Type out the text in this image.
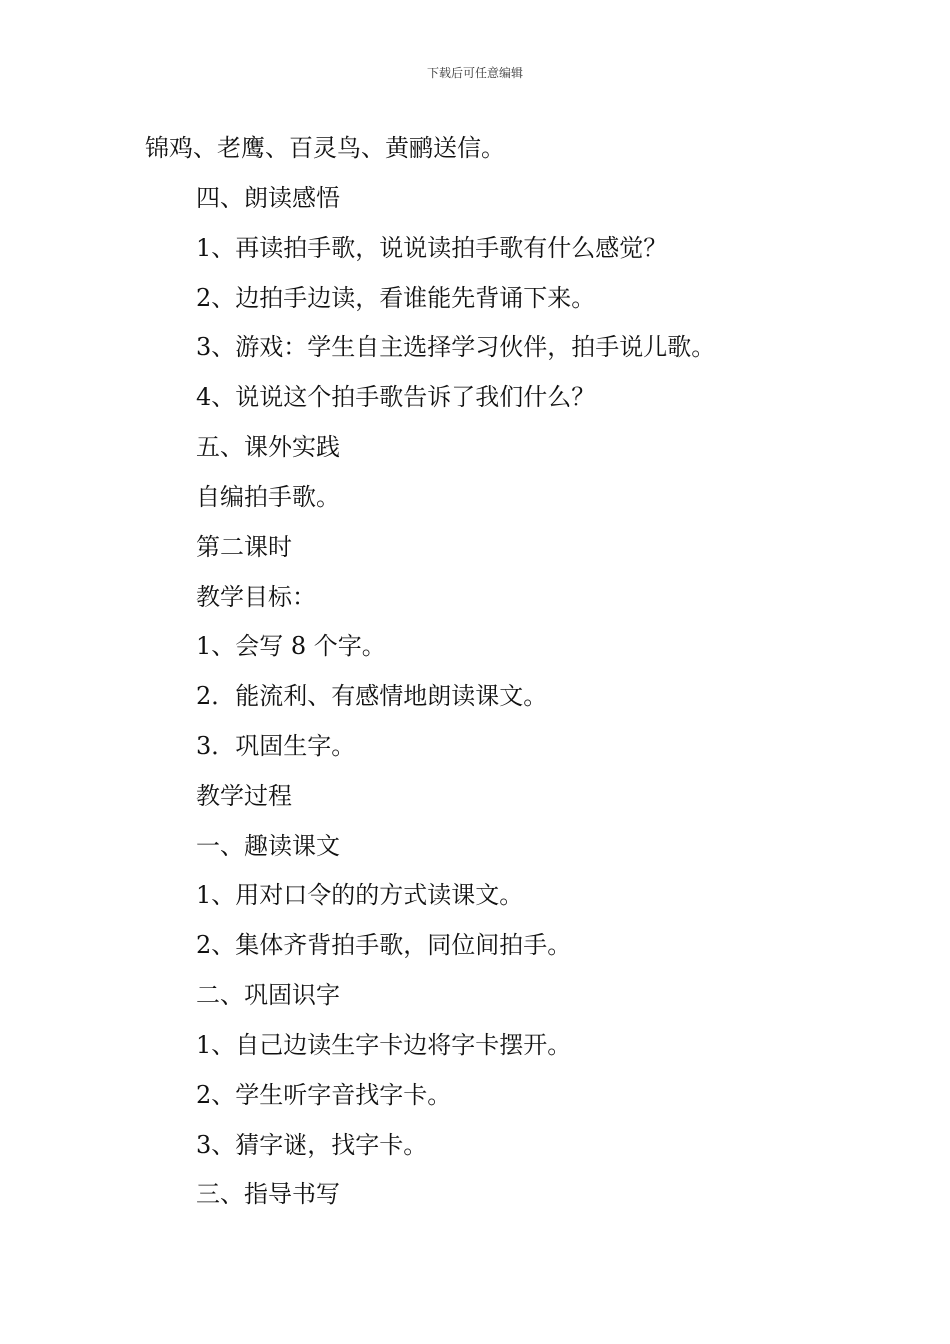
下载后可任意编辑
锦鸡、老鹰、百灵鸟、黄鹂送信。
四、朗读感悟
1、再读拍手歌，说说读拍手歌有什么感觉？
2、边拍手边读，看谁能先背诵下来。
3、游戏：学生自主选择学习伙伴，拍手说儿歌。
4、说说这个拍手歌告诉了我们什么？
五、课外实践
自编拍手歌。
第二课时
教学目标：
1、会写 8 个字。
2．能流利、有感情地朗读课文。
3．巩固生字。
教学过程
一、趣读课文
1、用对口令的的方式读课文。
2、集体齐背拍手歌，同位间拍手。
二、巩固识字
1、自己边读生字卡边将字卡摆开。
2、学生听字音找字卡。
3、猜字谜，找字卡。
三、指导书写
